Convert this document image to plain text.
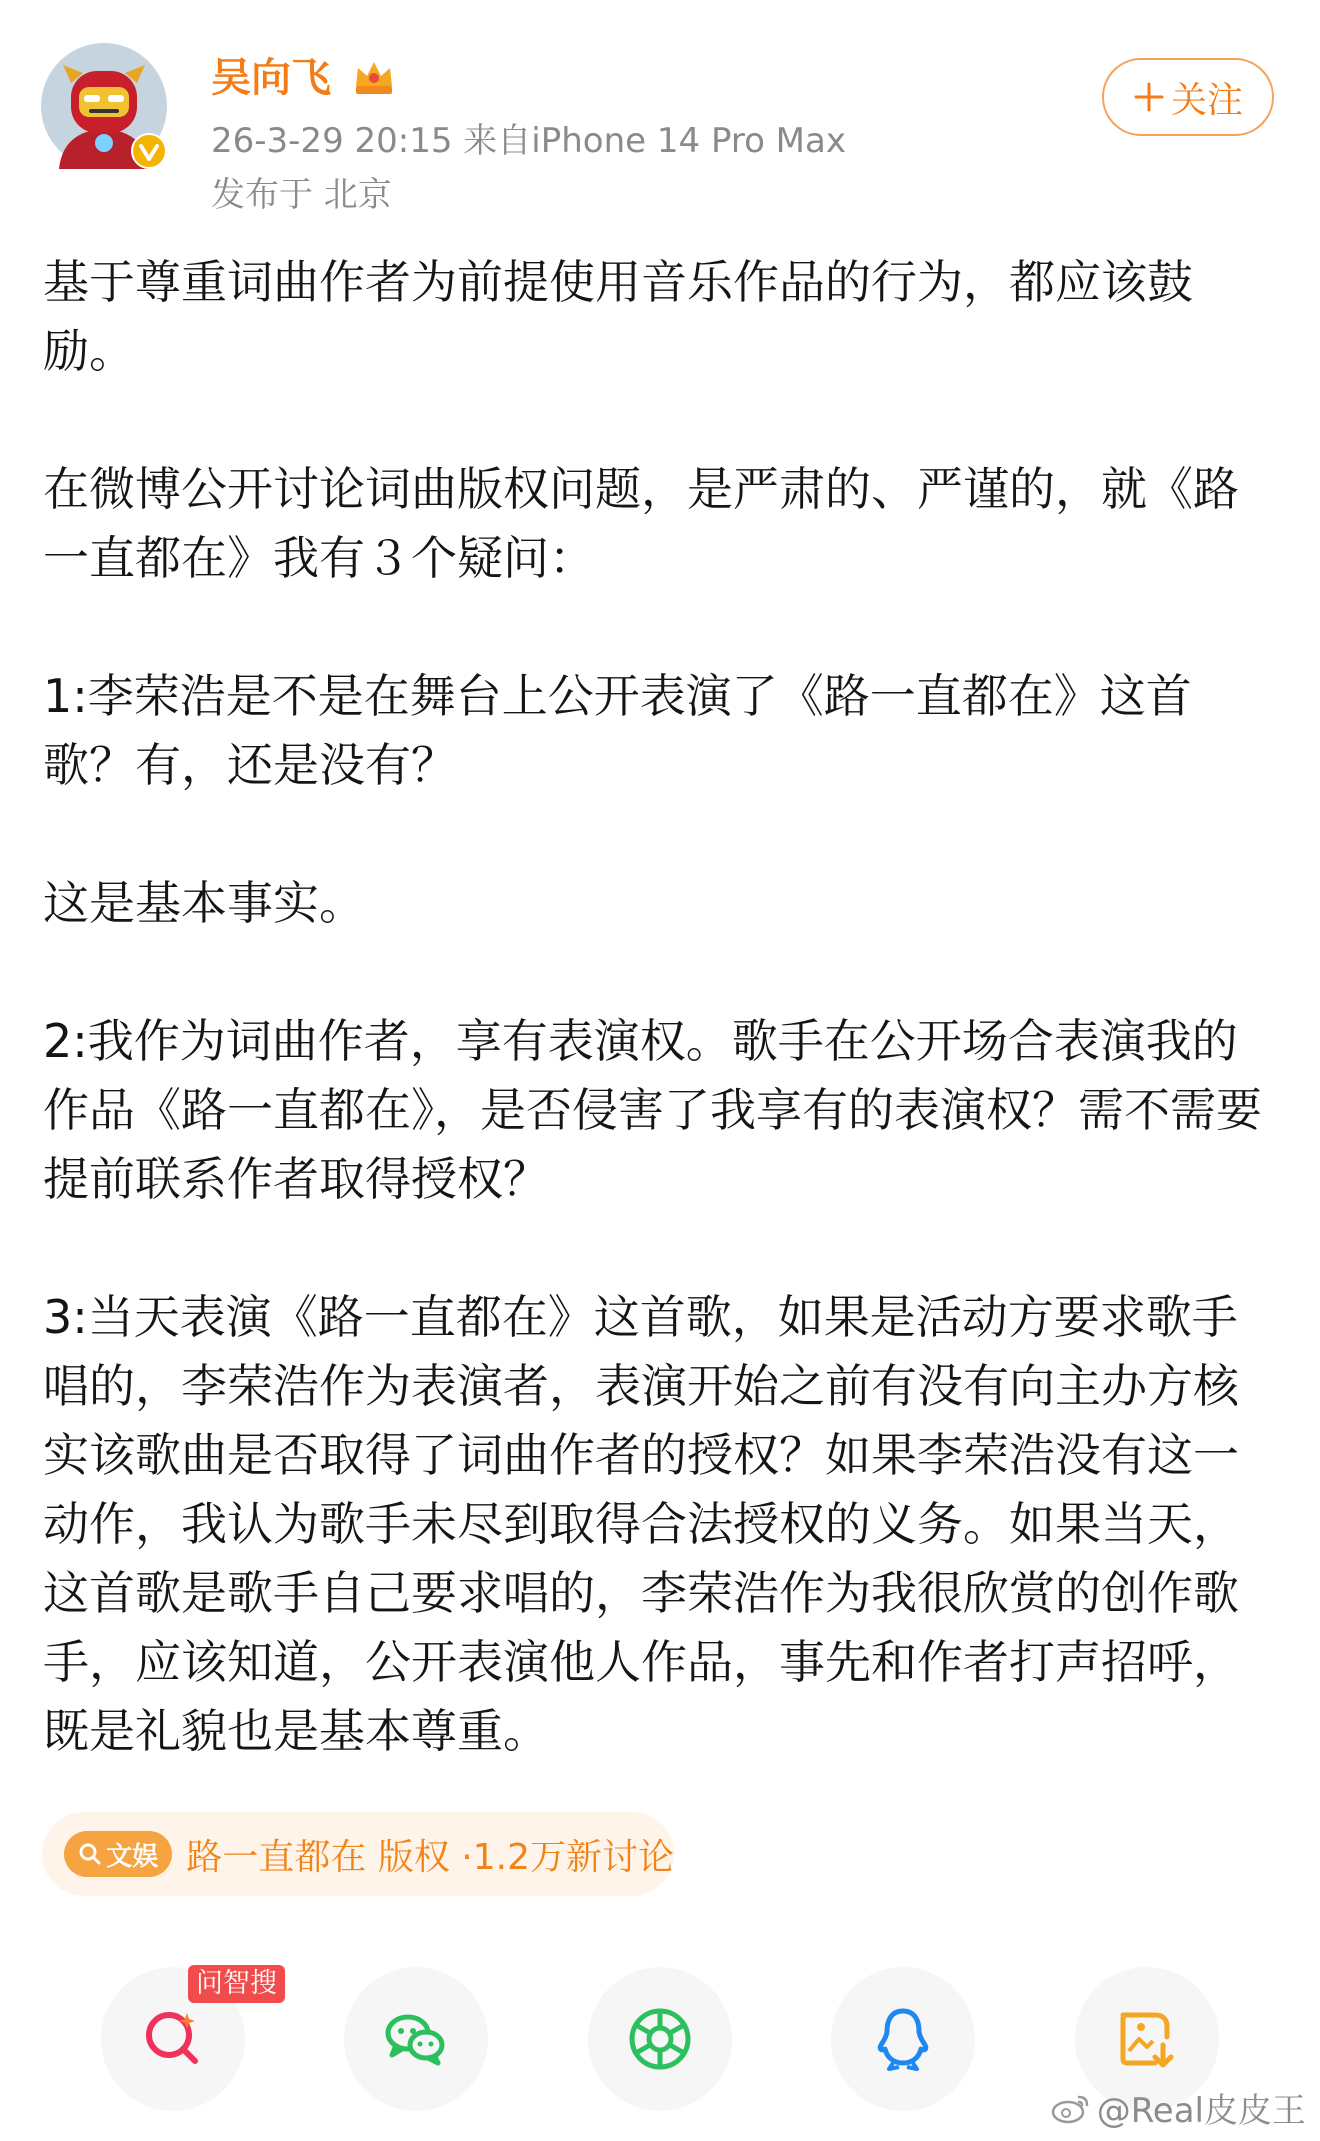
吴向飞
26-3-29 20:15 来自iPhone 14 Pro Max
发布于 北京
关注

基于尊重词曲作者为前提使用音乐作品的行为，都应该鼓励。

在微博公开讨论词曲版权问题，是严肃的、严谨的，就《路一直都在》我有３个疑问：

1:李荣浩是不是在舞台上公开表演了《路一直都在》这首歌？有，还是没有？

这是基本事实。

2:我作为词曲作者，享有表演权。歌手在公开场合表演我的作品《路一直都在》，是否侵害了我享有的表演权？需不需要提前联系作者取得授权？

3:当天表演《路一直都在》这首歌，如果是活动方要求歌手唱的，李荣浩作为表演者，表演开始之前有没有向主办方核实该歌曲是否取得了词曲作者的授权？如果李荣浩没有这一动作，我认为歌手未尽到取得合法授权的义务。如果当天，这首歌是歌手自己要求唱的，李荣浩作为我很欣赏的创作歌手，应该知道，公开表演他人作品，事先和作者打声招呼，既是礼貌也是基本尊重。

文娱 路一直都在 版权 ·1.2万新讨论
问智搜
@Real皮皮王
